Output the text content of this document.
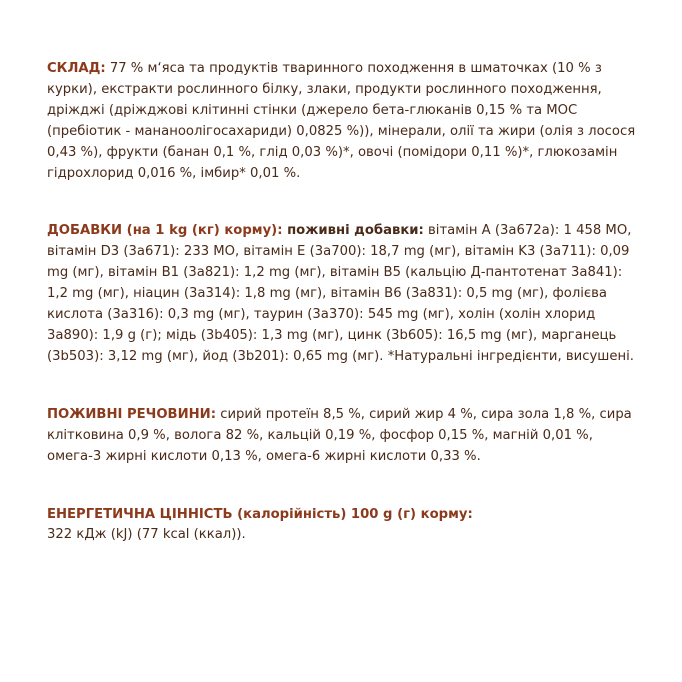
СКЛАД: 77 % м‘яса та продуктів тваринного походження в шматочках (10 % з курки), екстракти рослинного білку, злаки, продукти рослинного походження, дріжджі (дріжджові клітинні стінки (джерело бета-глюканів 0,15 % та МОС (пребіотик - мананоолігосахариди) 0,0825 %)), мінерали, олії та жири (олія з лосося 0,43 %), фрукти (банан 0,1 %, глід 0,03 %)*, овочі (помідори 0,11 %)*, глюкозамін гідрохлорид 0,016 %, імбир* 0,01 %.

ДОБАВКИ (на 1 kg (кг) корму): поживні добавки: вітамін A (3a672a): 1 458 МО, вітамін D3 (3a671): 233 МО, вітамін E (3a700): 18,7 mg (мг), вітамін K3 (3a711): 0,09 mg (мг), вітамін B1 (3a821): 1,2 mg (мг), вітамін B5 (кальцію Д-пантотенат 3a841): 1,2 mg (мг), ніацин (3a314): 1,8 mg (мг), вітамін B6 (3a831): 0,5 mg (мг), фолієва кислота (3a316): 0,3 mg (мг), таурин (3a370): 545 mg (мг), холін (холін хлорид 3a890): 1,9 g (г); мідь (3b405): 1,3 mg (мг), цинк (3b605): 16,5 mg (мг), марганець (3b503): 3,12 mg (мг), йод (3b201): 0,65 mg (мг). *Натуральні інгредієнти, висушені.

ПОЖИВНІ РЕЧОВИНИ: сирий протеїн 8,5 %, сирий жир 4 %, сира зола 1,8 %, сира клітковина 0,9 %, волога 82 %, кальцій 0,19 %, фосфор 0,15 %, магній 0,01 %, омега-3 жирні кислоти 0,13 %, омега-6 жирні кислоти 0,33 %.

ЕНЕРГЕТИЧНА ЦІННІСТЬ (калорійність) 100 g (г) корму:
322 кДж (kJ) (77 kcal (ккал)).
